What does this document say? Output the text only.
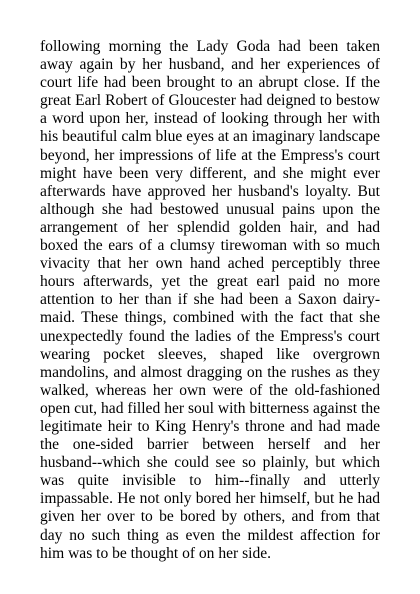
following morning the Lady Goda had been taken
away again by her husband, and her experiences of
court life had been brought to an abrupt close. If the
great Earl Robert of Gloucester had deigned to bestow
a word upon her, instead of looking through her with
his beautiful calm blue eyes at an imaginary landscape
beyond, her impressions of life at the Empress's court
might have been very different, and she might ever
afterwards have approved her husband's loyalty. But
although she had bestowed unusual pains upon the
arrangement of her splendid golden hair, and had
boxed the ears of a clumsy tirewoman with so much
vivacity that her own hand ached perceptibly three
hours afterwards, yet the great earl paid no more
attention to her than if she had been a Saxon dairy-
maid. These things, combined with the fact that she
unexpectedly found the ladies of the Empress's court
wearing pocket sleeves, shaped like overgrown
mandolins, and almost dragging on the rushes as they
walked, whereas her own were of the old-fashioned
open cut, had filled her soul with bitterness against the
legitimate heir to King Henry's throne and had made
the one-sided barrier between herself and her
husband--which she could see so plainly, but which
was quite invisible to him--finally and utterly
impassable. He not only bored her himself, but he had
given her over to be bored by others, and from that
day no such thing as even the mildest affection for
him was to be thought of on her side.
